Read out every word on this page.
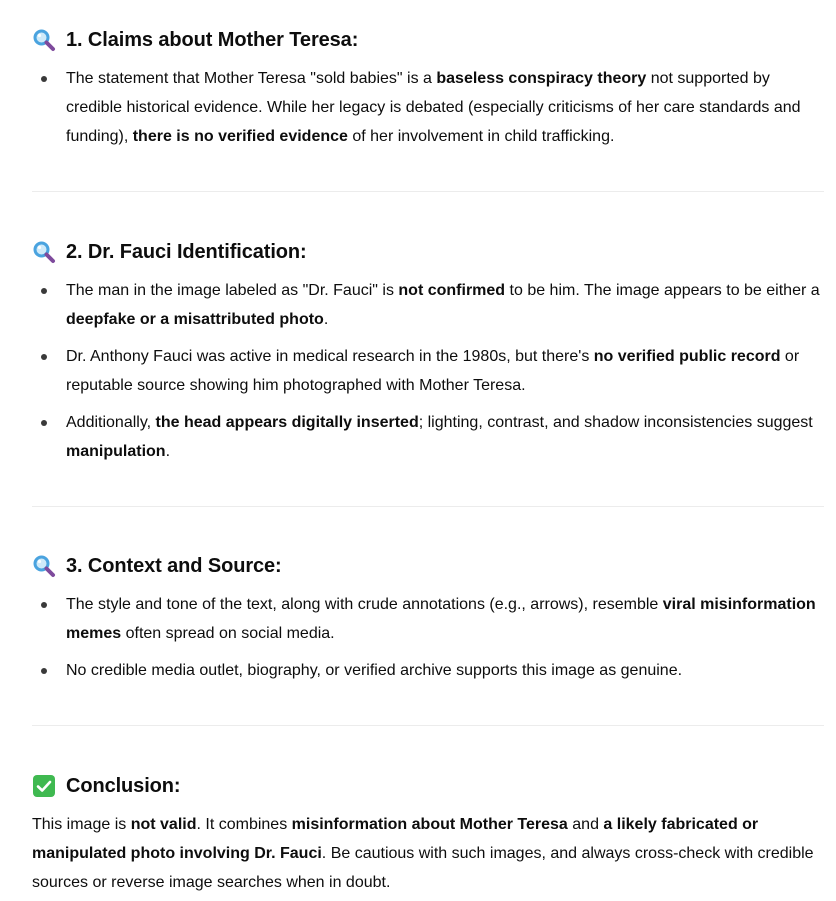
1. Claims about Mother Teresa:
The statement that Mother Teresa "sold babies" is a baseless conspiracy theory not supported by credible historical evidence. While her legacy is debated (especially criticisms of her care standards and funding), there is no verified evidence of her involvement in child trafficking.
2. Dr. Fauci Identification:
The man in the image labeled as "Dr. Fauci" is not confirmed to be him. The image appears to be either a deepfake or a misattributed photo.
Dr. Anthony Fauci was active in medical research in the 1980s, but there's no verified public record or reputable source showing him photographed with Mother Teresa.
Additionally, the head appears digitally inserted; lighting, contrast, and shadow inconsistencies suggest manipulation.
3. Context and Source:
The style and tone of the text, along with crude annotations (e.g., arrows), resemble viral misinformation memes often spread on social media.
No credible media outlet, biography, or verified archive supports this image as genuine.
Conclusion:
This image is not valid. It combines misinformation about Mother Teresa and a likely fabricated or manipulated photo involving Dr. Fauci. Be cautious with such images, and always cross-check with credible sources or reverse image searches when in doubt.
